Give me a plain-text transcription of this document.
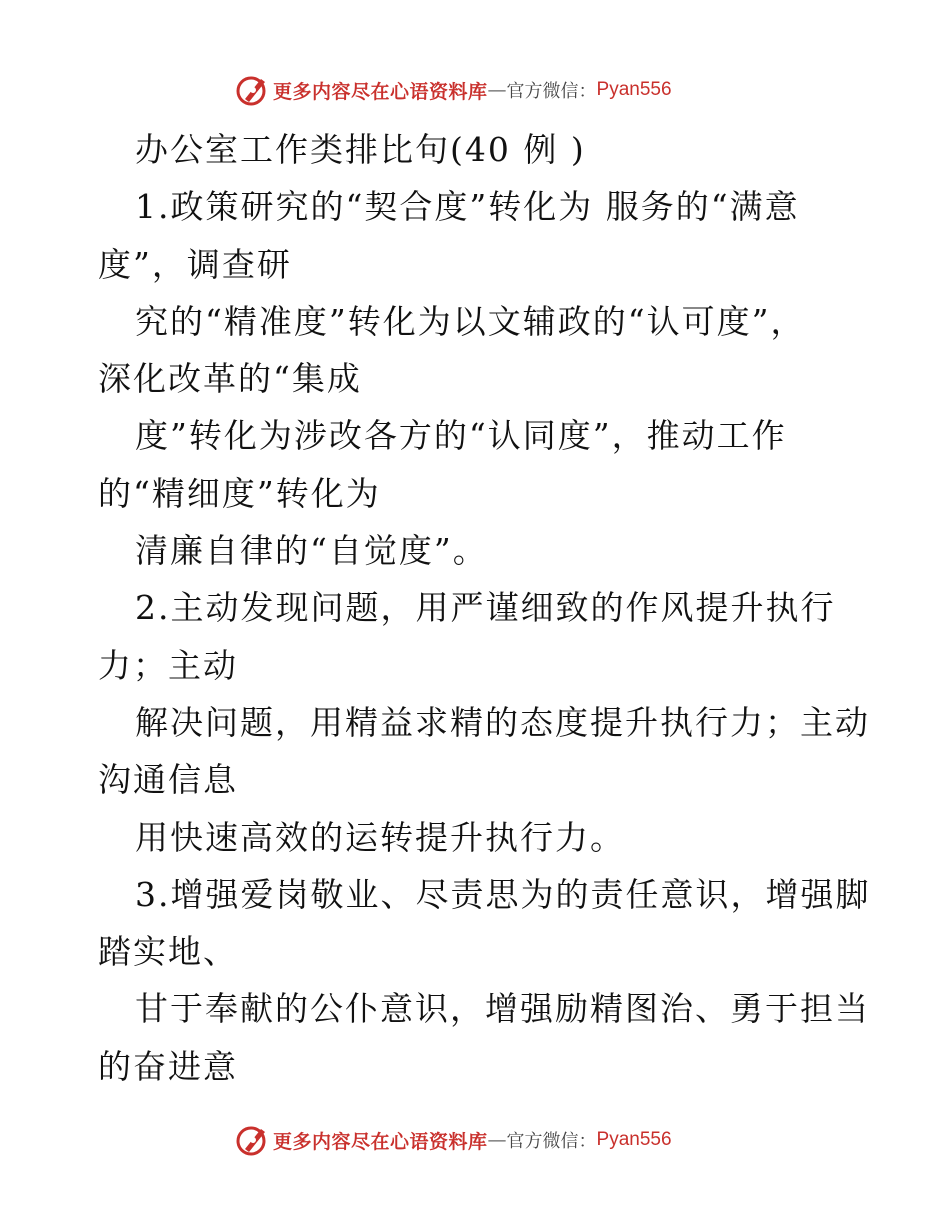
更多内容尽在心语资料库 — 官方微信： Pyan556
办公室工作类排比句(40 例 )
1.政策研究的“契合度”转化为 服务的“满意
度”，调查研
究的“精准度”转化为以文辅政的“认可度”，
深化改革的“集成
度”转化为涉改各方的“认同度”，推动工作
的“精细度”转化为
清廉自律的“自觉度”。
2.主动发现问题，用严谨细致的作风提升执行
力；主动
解决问题，用精益求精的态度提升执行力；主动
沟通信息
用快速高效的运转提升执行力。
3.增强爱岗敬业、尽责思为的责任意识，增强脚
踏实地、
甘于奉献的公仆意识，增强励精图治、勇于担当
的奋进意
更多内容尽在心语资料库 — 官方微信： Pyan556
